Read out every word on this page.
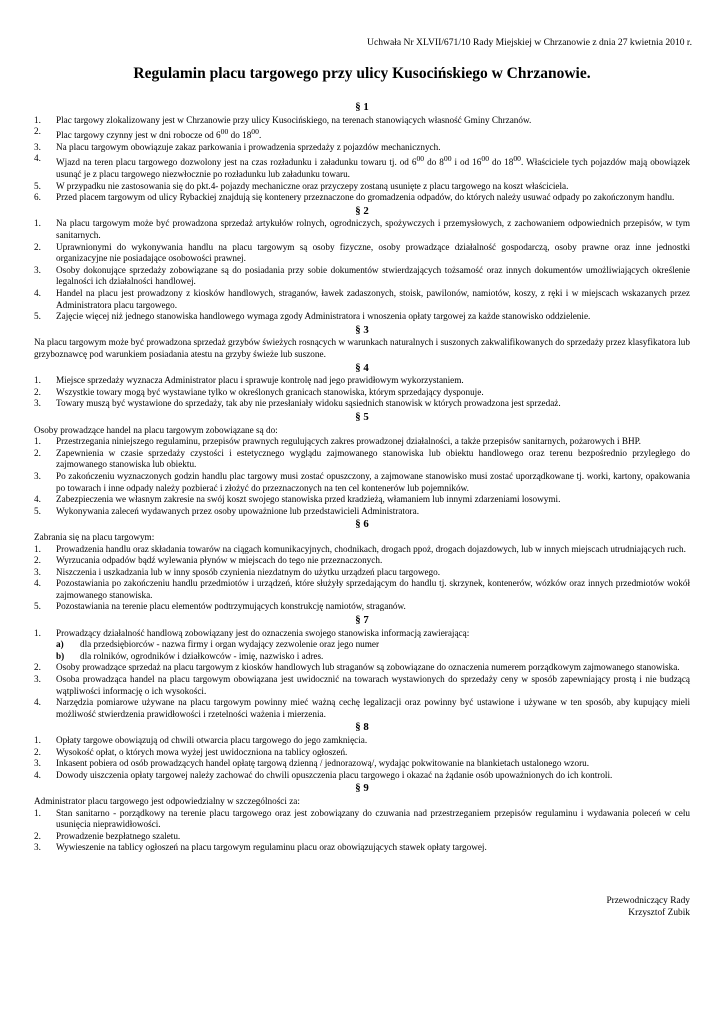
Uchwała Nr XLVII/671/10 Rady Miejskiej w Chrzanowie z dnia 27 kwietnia 2010 r.
Regulamin placu targowego przy ulicy Kusocińskiego w Chrzanowie.
§ 1
1.	Plac targowy zlokalizowany jest w Chrzanowie przy ulicy Kusocińskiego, na terenach stanowiących własność Gminy Chrzanów.
2.	Plac targowy czynny jest w dni robocze od $6^{00}$ do $18^{00}$.
3.	Na placu targowym obowiązuje zakaz parkowania i prowadzenia sprzedaży z pojazdów mechanicznych.
4.	Wjazd na teren placu targowego dozwolony jest na czas rozładunku i załadunku towaru tj. od $6^{00}$ do $8^{00}$ i od $16^{00}$ do $18^{00}$. Właściciele tych pojazdów mają obowiązek usunąć je z placu targowego niezwłocznie po rozładunku lub załadunku towaru.
5.	W przypadku nie zastosowania się do pkt.4- pojazdy mechaniczne oraz przyczepy zostaną usunięte z placu targowego na koszt właściciela.
6.	Przed placem targowym od ulicy Rybackiej znajdują się kontenery przeznaczone do gromadzenia odpadów, do których należy usuwać odpady po zakończonym handlu.
§ 2
1.	Na placu targowym może być prowadzona sprzedaż artykułów rolnych, ogrodniczych, spożywczych i przemysłowych, z zachowaniem odpowiednich przepisów, w tym sanitarnych.
2.	Uprawnionymi do wykonywania handlu na placu targowym są osoby fizyczne, osoby prowadzące działalność gospodarczą, osoby prawne oraz inne jednostki organizacyjne nie posiadające osobowości prawnej.
3.	Osoby dokonujące sprzedaży zobowiązane są do posiadania przy sobie dokumentów stwierdzających tożsamość oraz innych dokumentów umożliwiających określenie legalności ich działalności handlowej.
4.	Handel na placu jest prowadzony z kiosków handlowych, straganów, ławek zadaszonych, stoisk, pawilonów, namiotów, koszy, z ręki i w miejscach wskazanych przez Administratora placu targowego.
5.	Zajęcie więcej niż jednego stanowiska handlowego wymaga zgody Administratora i wnoszenia opłaty targowej za każde stanowisko oddzielenie.
§ 3
Na placu targowym może być prowadzona sprzedaż grzybów świeżych rosnących w warunkach naturalnych i suszonych zakwalifikowanych do sprzedaży przez klasyfikatora lub grzyboznawcę pod warunkiem posiadania atestu na grzyby świeże lub suszone.
§ 4
1.	Miejsce sprzedaży wyznacza Administrator placu i sprawuje kontrolę nad jego prawidłowym wykorzystaniem.
2.	Wszystkie towary mogą być wystawiane tylko w określonych granicach stanowiska, którym sprzedający dysponuje.
3.	Towary muszą być wystawione do sprzedaży, tak aby nie przesłaniały widoku sąsiednich stanowisk w których prowadzona jest sprzedaż.
§ 5
Osoby prowadzące handel na placu targowym zobowiązane są do:
1.	Przestrzegania niniejszego regulaminu, przepisów prawnych regulujących zakres prowadzonej działalności, a także przepisów sanitarnych, pożarowych i BHP.
2.	Zapewnienia w czasie sprzedaży czystości i estetycznego wyglądu zajmowanego stanowiska lub obiektu handlowego oraz terenu bezpośrednio przyległego do zajmowanego stanowiska lub obiektu.
3.	Po zakończeniu wyznaczonych godzin handlu plac targowy musi zostać opuszczony, a zajmowane stanowisko musi zostać uporządkowane tj. worki, kartony, opakowania po towarach i inne odpady należy pozbierać i złożyć do przeznaczonych na ten cel kontenerów lub pojemników.
4.	Zabezpieczenia we własnym zakresie na swój koszt swojego stanowiska przed kradzieżą, włamaniem lub innymi zdarzeniami losowymi.
5.	Wykonywania zaleceń wydawanych przez osoby upoważnione lub przedstawicieli Administratora.
§ 6
Zabrania się na placu targowym:
1.	Prowadzenia handlu oraz składania towarów na ciągach komunikacyjnych, chodnikach, drogach ppoż, drogach dojazdowych, lub w innych miejscach utrudniających ruch.
2.	Wyrzucania odpadów bądź wylewania płynów w miejscach do tego nie przeznaczonych.
3.	Niszczenia i uszkadzania lub w inny sposób czynienia niezdatnym do użytku urządzeń placu targowego.
4.	Pozostawiania po zakończeniu handlu przedmiotów i urządzeń, które służyły sprzedającym do handlu tj. skrzynek, kontenerów, wózków oraz innych przedmiotów wokół zajmowanego stanowiska.
5.	Pozostawiania na terenie placu elementów podtrzymujących konstrukcję namiotów, straganów.
§ 7
1.	Prowadzący działalność handlową zobowiązany jest do oznaczenia swojego stanowiska informacją zawierającą:
a)	dla przedsiębiorców - nazwa firmy i organ wydający zezwolenie oraz jego numer
b)	dla rolników, ogrodników i działkowców - imię, nazwisko i adres.
2.	Osoby prowadzące sprzedaż na placu targowym z kiosków handlowych lub straganów są zobowiązane do oznaczenia numerem porządkowym zajmowanego stanowiska.
3.	Osoba prowadząca handel na placu targowym obowiązana jest uwidocznić na towarach wystawionych do sprzedaży ceny w sposób zapewniający prostą i nie budzącą wątpliwości informację o ich wysokości.
4.	Narzędzia pomiarowe używane na placu targowym powinny mieć ważną cechę legalizacji oraz powinny być ustawione i używane w ten sposób, aby kupujący mieli możliwość stwierdzenia prawidłowości i rzetelności ważenia i mierzenia.
§ 8
1.	Opłaty targowe obowiązują od chwili otwarcia placu targowego do jego zamknięcia.
2.	Wysokość opłat, o których mowa wyżej jest uwidoczniona na tablicy ogłoszeń.
3.	Inkasent pobiera od osób prowadzących handel opłatę targową dzienną / jednorazową/, wydając pokwitowanie na blankietach ustalonego wzoru.
4.	Dowody uiszczenia opłaty targowej należy zachować do chwili opuszczenia placu targowego i okazać na żądanie osób upoważnionych do ich kontroli.
§ 9
Administrator placu targowego jest odpowiedzialny w szczególności za:
1.	Stan sanitarno - porządkowy na terenie placu targowego oraz jest zobowiązany do czuwania nad przestrzeganiem przepisów regulaminu i wydawania poleceń w celu usunięcia nieprawidłowości.
2.	Prowadzenie bezpłatnego szaletu.
3.	Wywieszenie na tablicy ogłoszeń na placu targowym regulaminu placu oraz obowiązujących stawek opłaty targowej.
Przewodniczący Rady
Krzysztof Zubik
